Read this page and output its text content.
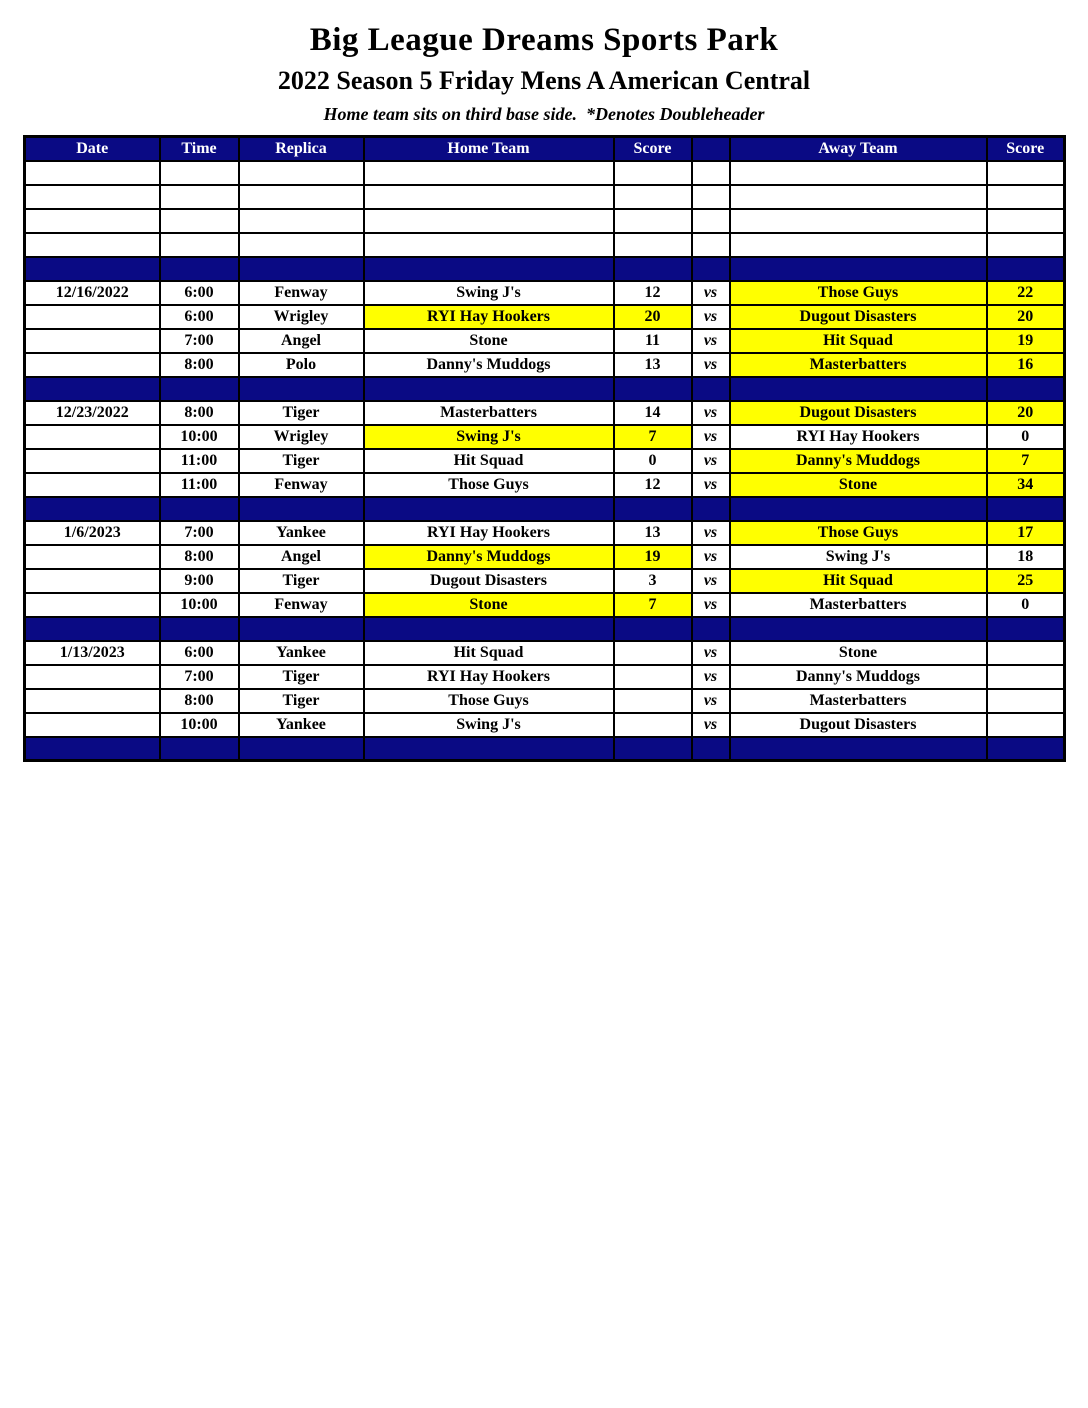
Big League Dreams Sports Park
2022 Season 5 Friday Mens A American Central

Home team sits on third base side.  *Denotes Doubleheader

Date	Time	Replica	Home Team	Score		Away Team	Score

12/16/2022	6:00	Fenway	Swing J's	12	vs	Those Guys	22
	6:00	Wrigley	RYI Hay Hookers	20	vs	Dugout Disasters	20
	7:00	Angel	Stone	11	vs	Hit Squad	19
	8:00	Polo	Danny's Muddogs	13	vs	Masterbatters	16

12/23/2022	8:00	Tiger	Masterbatters	14	vs	Dugout Disasters	20
	10:00	Wrigley	Swing J's	7	vs	RYI Hay Hookers	0
	11:00	Tiger	Hit Squad	0	vs	Danny's Muddogs	7
	11:00	Fenway	Those Guys	12	vs	Stone	34

1/6/2023	7:00	Yankee	RYI Hay Hookers	13	vs	Those Guys	17
	8:00	Angel	Danny's Muddogs	19	vs	Swing J's	18
	9:00	Tiger	Dugout Disasters	3	vs	Hit Squad	25
	10:00	Fenway	Stone	7	vs	Masterbatters	0

1/13/2023	6:00	Yankee	Hit Squad		vs	Stone	
	7:00	Tiger	RYI Hay Hookers		vs	Danny's Muddogs	
	8:00	Tiger	Those Guys		vs	Masterbatters	
	10:00	Yankee	Swing J's		vs	Dugout Disasters	
